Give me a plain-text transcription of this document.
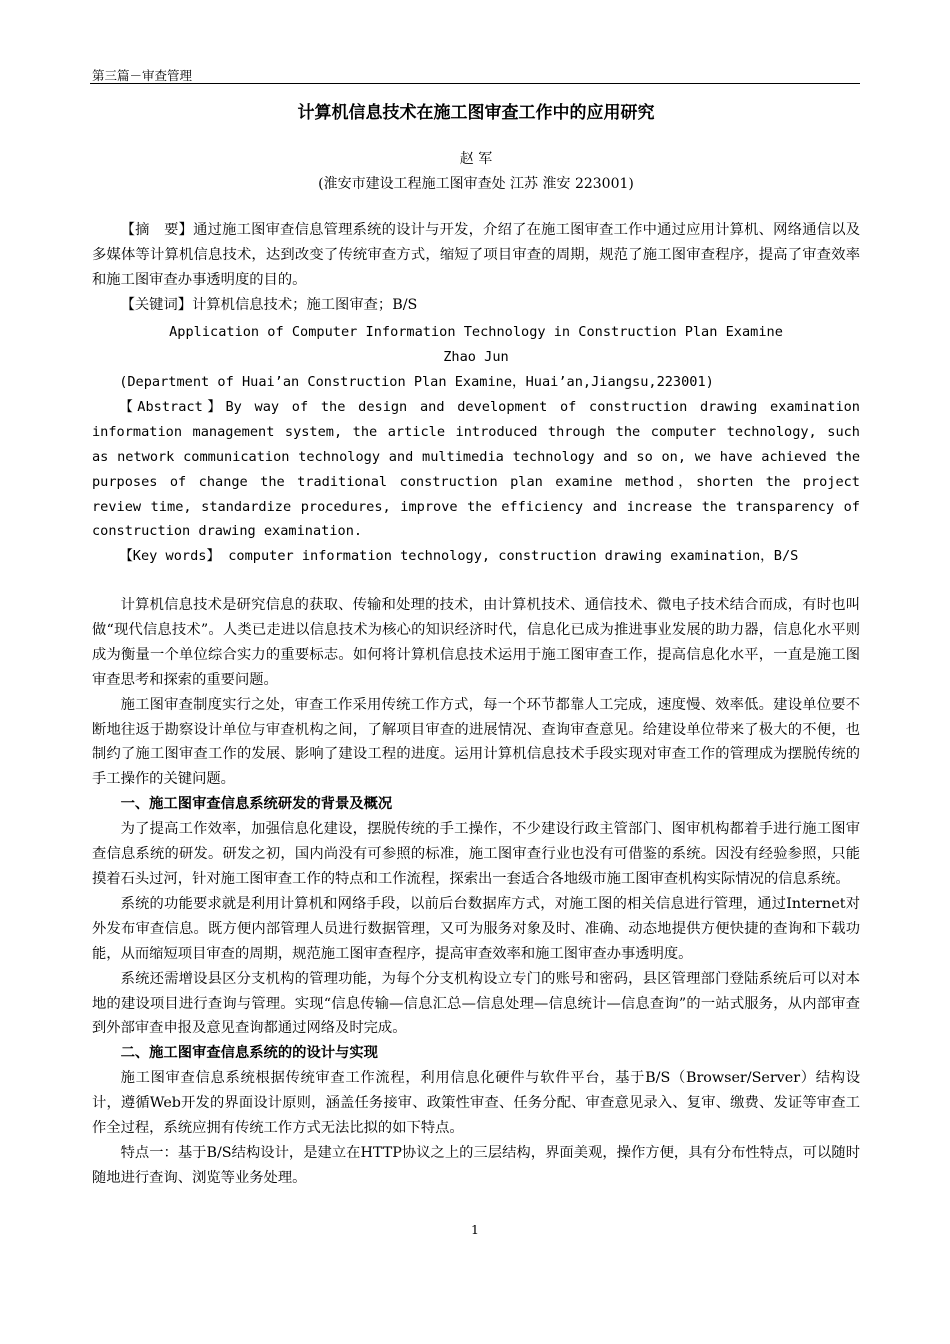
第三篇－审查管理
计算机信息技术在施工图审查工作中的应用研究
赵 军
(淮安市建设工程施工图审查处 江苏 淮安 223001)

【摘　要】通过施工图审查信息管理系统的设计与开发，介绍了在施工图审查工作中通过应用计算机、网络通信以及多媒体等计算机信息技术，达到改变了传统审查方式，缩短了项目审查的周期，规范了施工图审查程序，提高了审查效率和施工图审查办事透明度的目的。

【关键词】计算机信息技术；施工图审查；B/S

Application of Computer Information Technology in Construction Plan Examine
Zhao Jun

(Department of Huai’an Construction Plan Examine，Huai’an,Jiangsu,223001)

【Abstract】By way of the design and development of construction drawing examination information management system, the article introduced through the computer technology, such as network communication technology and multimedia technology and so on, we have achieved the purposes of change the traditional construction plan examine method，shorten the project review time, standardize procedures, improve the efficiency and increase the transparency of construction drawing examination.

【Key words】 computer information technology, construction drawing examination，B/S

计算机信息技术是研究信息的获取、传输和处理的技术，由计算机技术、通信技术、微电子技术结合而成，有时也叫做“现代信息技术”。人类已走进以信息技术为核心的知识经济时代，信息化已成为推进事业发展的助力器，信息化水平则成为衡量一个单位综合实力的重要标志。如何将计算机信息技术运用于施工图审查工作，提高信息化水平，一直是施工图审查思考和探索的重要问题。

施工图审查制度实行之处，审查工作采用传统工作方式，每一个环节都靠人工完成，速度慢、效率低。建设单位要不断地往返于勘察设计单位与审查机构之间，了解项目审查的进展情况、查询审查意见。给建设单位带来了极大的不便，也制约了施工图审查工作的发展、影响了建设工程的进度。运用计算机信息技术手段实现对审查工作的管理成为摆脱传统的手工操作的关键问题。

一、施工图审查信息系统研发的背景及概况

为了提高工作效率，加强信息化建设，摆脱传统的手工操作，不少建设行政主管部门、图审机构都着手进行施工图审查信息系统的研发。研发之初，国内尚没有可参照的标准，施工图审查行业也没有可借鉴的系统。因没有经验参照，只能摸着石头过河，针对施工图审查工作的特点和工作流程，探索出一套适合各地级市施工图审查机构实际情况的信息系统。

系统的功能要求就是利用计算机和网络手段，以前后台数据库方式，对施工图的相关信息进行管理，通过Internet对外发布审查信息。既方便内部管理人员进行数据管理，又可为服务对象及时、准确、动态地提供方便快捷的查询和下载功能，从而缩短项目审查的周期，规范施工图审查程序，提高审查效率和施工图审查办事透明度。

系统还需增设县区分支机构的管理功能，为每个分支机构设立专门的账号和密码，县区管理部门登陆系统后可以对本地的建设项目进行查询与管理。实现“信息传输—信息汇总—信息处理—信息统计—信息查询”的一站式服务，从内部审查到外部审查申报及意见查询都通过网络及时完成。

二、施工图审查信息系统的的设计与实现

施工图审查信息系统根据传统审查工作流程，利用信息化硬件与软件平台，基于B/S（Browser/Server）结构设计，遵循Web开发的界面设计原则，涵盖任务接审、政策性审查、任务分配、审查意见录入、复审、缴费、发证等审查工作全过程，系统应拥有传统工作方式无法比拟的如下特点。

特点一：基于B/S结构设计，是建立在HTTP协议之上的三层结构，界面美观，操作方便，具有分布性特点，可以随时随地进行查询、浏览等业务处理。

1
